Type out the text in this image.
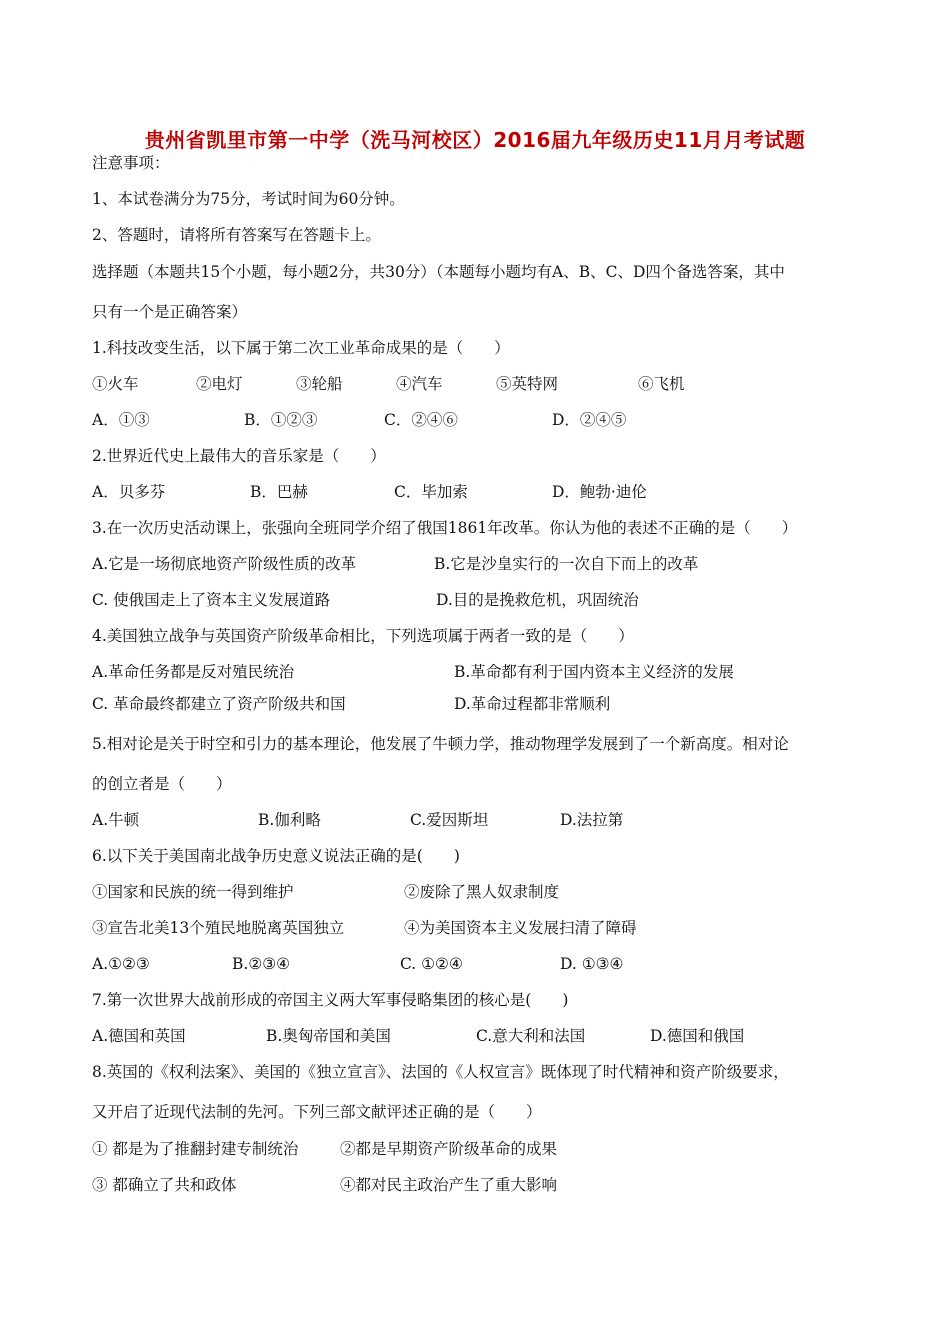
贵州省凯里市第一中学（洗马河校区）2016届九年级历史11月月考试题
注意事项：
1、本试卷满分为75分，考试时间为60分钟。
2、答题时，请将所有答案写在答题卡上。
选择题（本题共15个小题，每小题2分，共30分）（本题每小题均有A、B、C、D四个备选答案，其中
只有一个是正确答案）
1.科技改变生活，以下属于第二次工业革命成果的是（　　）
①火车	②电灯	③轮船	④汽车	⑤英特网	⑥飞机
A．①③	B．①②③	C．②④⑥	D．②④⑤
2.世界近代史上最伟大的音乐家是（　　）
A．贝多芬	B．巴赫	C．毕加索	D．鲍勃·迪伦
3.在一次历史活动课上，张强向全班同学介绍了俄国1861年改革。你认为他的表述不正确的是（　　）
A.它是一场彻底地资产阶级性质的改革	B.它是沙皇实行的一次自下而上的改革
C. 使俄国走上了资本主义发展道路	D.目的是挽救危机，巩固统治
4.美国独立战争与英国资产阶级革命相比，下列选项属于两者一致的是（　　）
A.革命任务都是反对殖民统治	B.革命都有利于国内资本主义经济的发展
C. 革命最终都建立了资产阶级共和国	D.革命过程都非常顺利
5.相对论是关于时空和引力的基本理论，他发展了牛顿力学，推动物理学发展到了一个新高度。相对论
的创立者是（　　）
A.牛顿	B.伽利略	C.爱因斯坦	D.法拉第
6.以下关于美国南北战争历史意义说法正确的是(　　)
①国家和民族的统一得到维护	②废除了黑人奴隶制度
③宣告北美13个殖民地脱离英国独立	④为美国资本主义发展扫清了障碍
A.①②③	B.②③④	C. ①②④	D. ①③④
7.第一次世界大战前形成的帝国主义两大军事侵略集团的核心是(　　)
A.德国和英国	B.奥匈帝国和美国	C.意大利和法国	D.德国和俄国
8.英国的《权利法案》、美国的《独立宣言》、法国的《人权宣言》既体现了时代精神和资产阶级要求，
又开启了近现代法制的先河。下列三部文献评述正确的是（　　）
① 都是为了推翻封建专制统治	②都是早期资产阶级革命的成果
③ 都确立了共和政体	④都对民主政治产生了重大影响
